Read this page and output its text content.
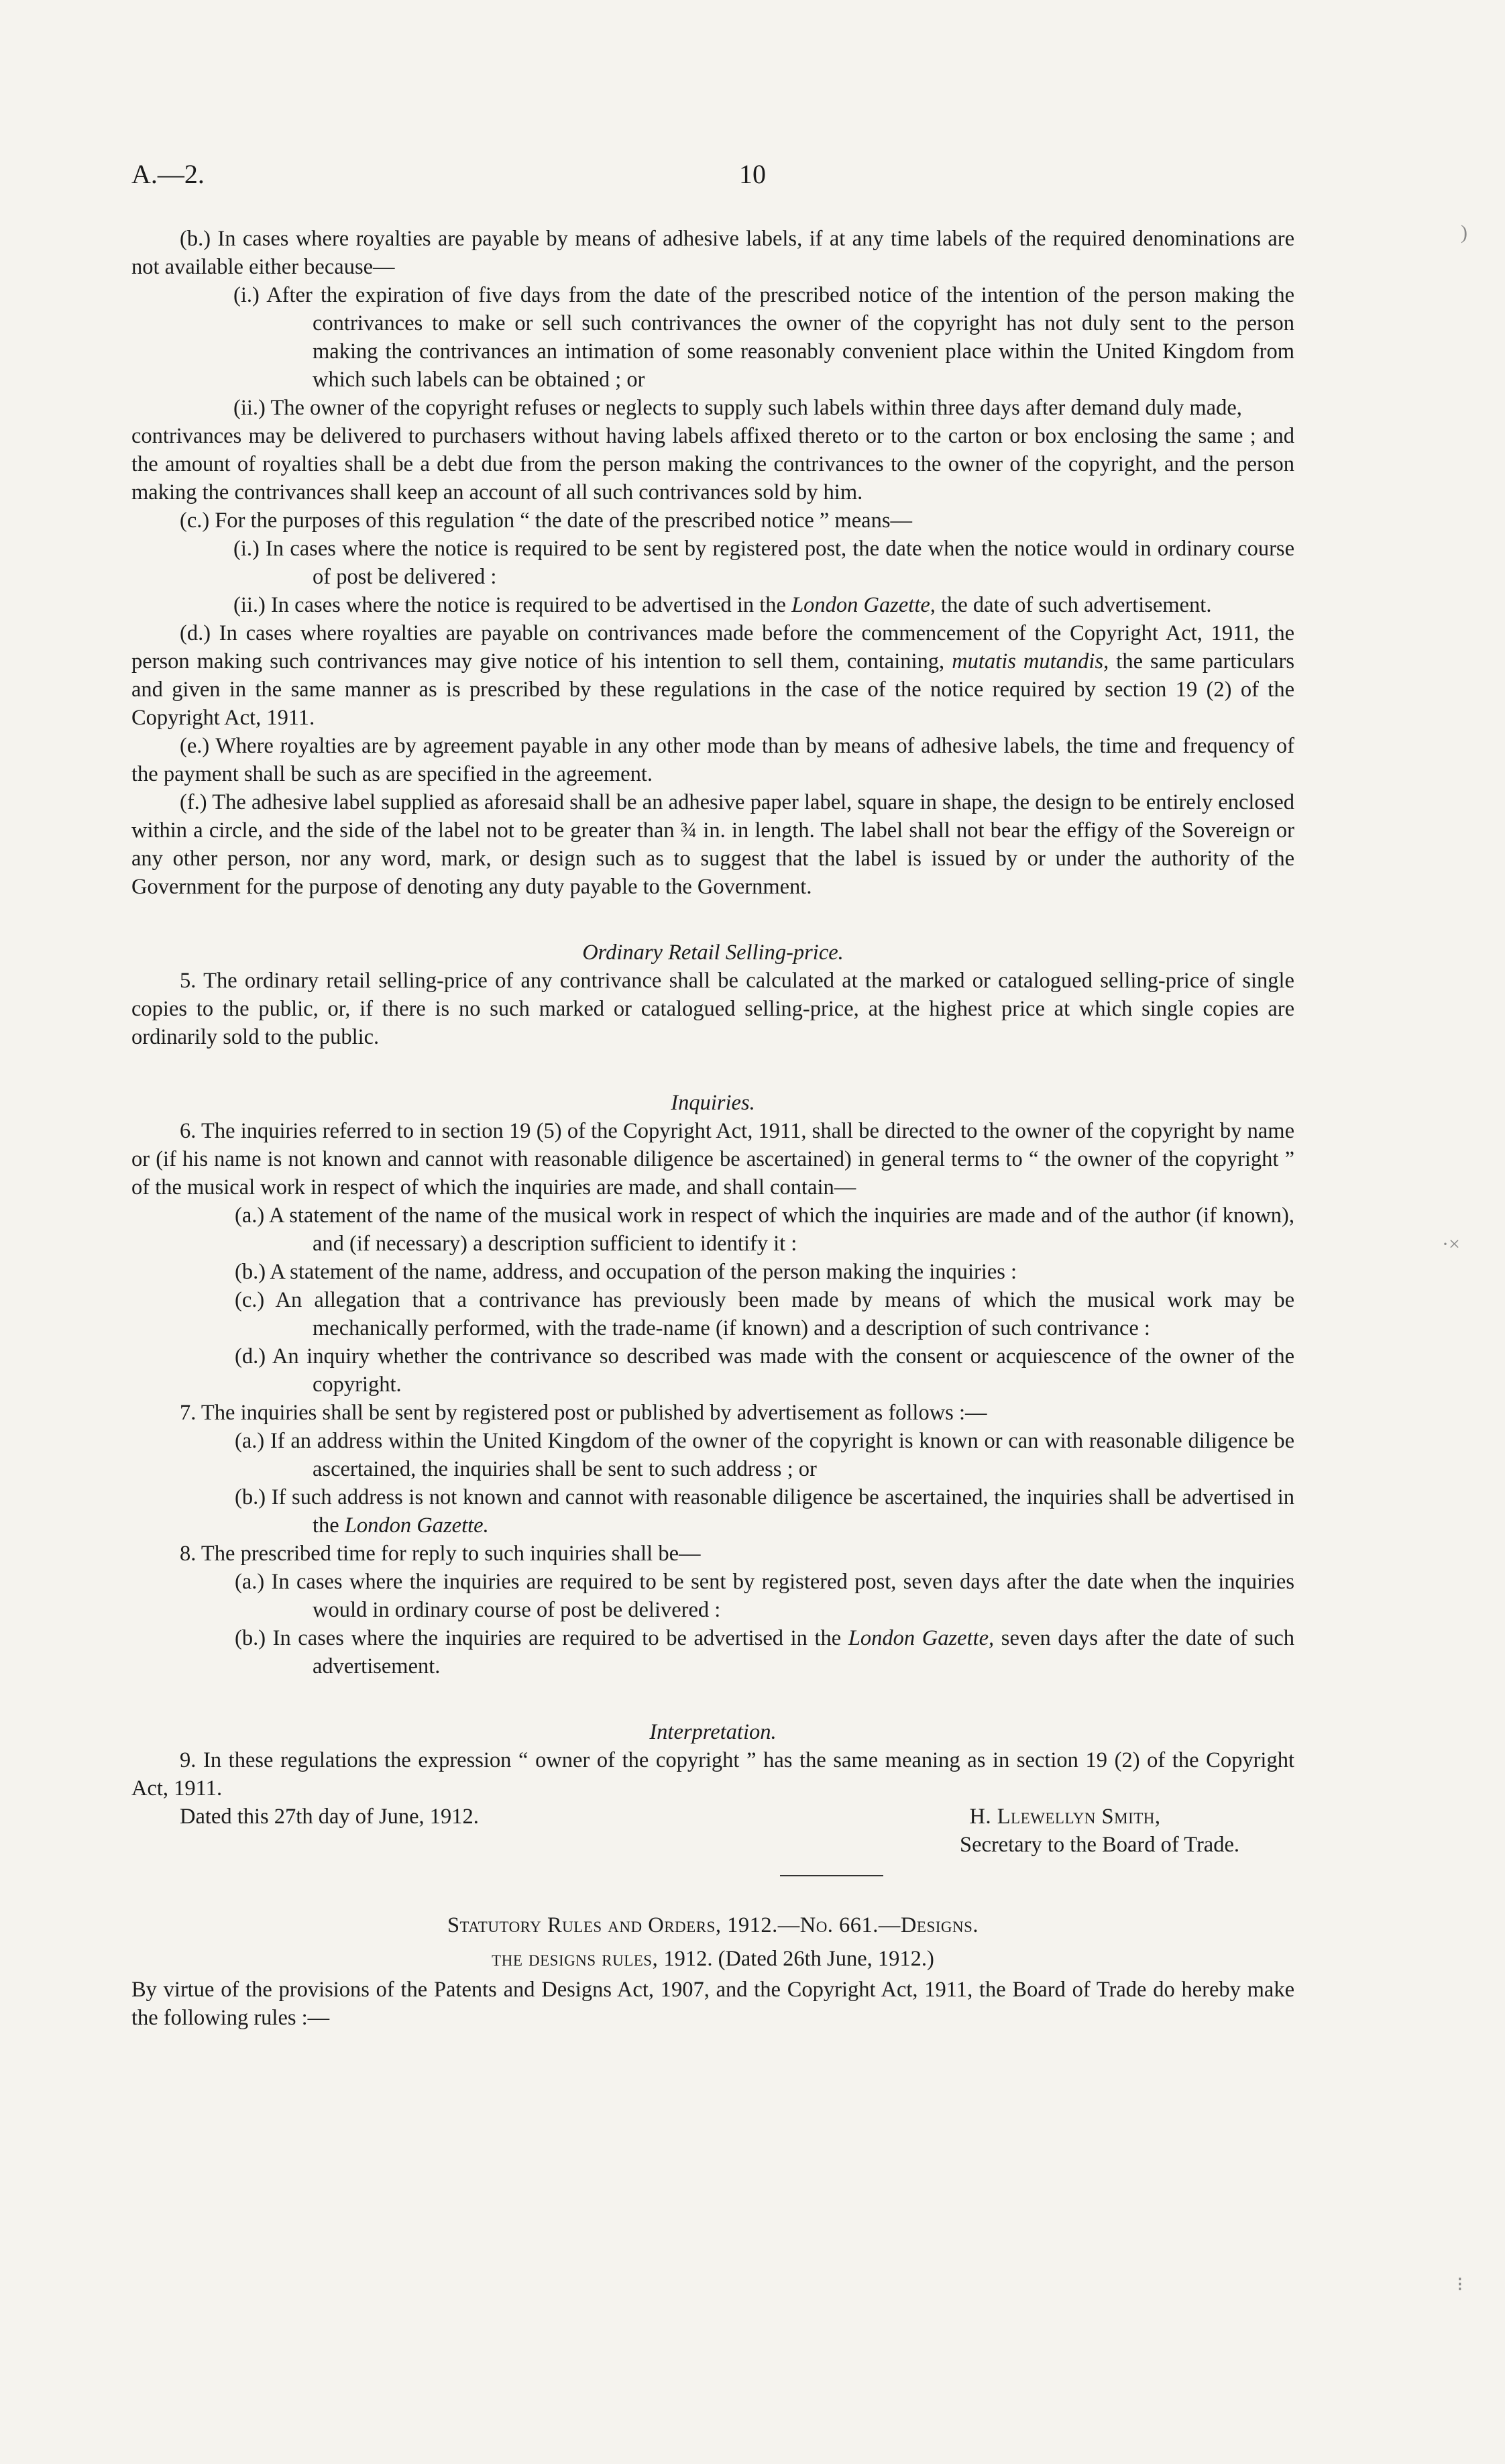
A.—2.	10
)

(b.) In cases where royalties are payable by means of adhesive labels, if at any time labels of the required denominations are not available either because—

(i.) After the expiration of five days from the date of the prescribed notice of the intention of the person making the contrivances to make or sell such contrivances the owner of the copyright has not duly sent to the person making the contrivances an intimation of some reasonably convenient place within the United Kingdom from which such labels can be obtained ; or

(ii.) The owner of the copyright refuses or neglects to supply such labels within three days after demand duly made,

contrivances may be delivered to purchasers without having labels affixed thereto or to the carton or box enclosing the same ; and the amount of royalties shall be a debt due from the person making the contrivances to the owner of the copyright, and the person making the contrivances shall keep an account of all such contrivances sold by him.

(c.) For the purposes of this regulation “ the date of the prescribed notice ” means—

(i.) In cases where the notice is required to be sent by registered post, the date when the notice would in ordinary course of post be delivered :

(ii.) In cases where the notice is required to be advertised in the London Gazette, the date of such advertisement.

(d.) In cases where royalties are payable on contrivances made before the commencement of the Copyright Act, 1911, the person making such contrivances may give notice of his intention to sell them, containing, mutatis mutandis, the same particulars and given in the same manner as is prescribed by these regulations in the case of the notice required by section 19 (2) of the Copyright Act, 1911.

(e.) Where royalties are by agreement payable in any other mode than by means of adhesive labels, the time and frequency of the payment shall be such as are specified in the agreement.

(f.) The adhesive label supplied as aforesaid shall be an adhesive paper label, square in shape, the design to be entirely enclosed within a circle, and the side of the label not to be greater than ¾ in. in length. The label shall not bear the effigy of the Sovereign or any other person, nor any word, mark, or design such as to suggest that the label is issued by or under the authority of the Government for the purpose of denoting any duty payable to the Government.

Ordinary Retail Selling-price.

5. The ordinary retail selling-price of any contrivance shall be calculated at the marked or catalogued selling-price of single copies to the public, or, if there is no such marked or catalogued selling-price, at the highest price at which single copies are ordinarily sold to the public.

Inquiries.

6. The inquiries referred to in section 19 (5) of the Copyright Act, 1911, shall be directed to the owner of the copyright by name or (if his name is not known and cannot with reasonable diligence be ascertained) in general terms to “ the owner of the copyright ” of the musical work in respect of which the inquiries are made, and shall contain—

(a.) A statement of the name of the musical work in respect of which the inquiries are made and of the author (if known), and (if necessary) a description sufficient to identify it :

(b.) A statement of the name, address, and occupation of the person making the inquiries :

(c.) An allegation that a contrivance has previously been made by means of which the musical work may be mechanically performed, with the trade-name (if known) and a description of such contrivance :

(d.) An inquiry whether the contrivance so described was made with the consent or acquiescence of the owner of the copyright.

7. The inquiries shall be sent by registered post or published by advertisement as follows :—

(a.) If an address within the United Kingdom of the owner of the copyright is known or can with reasonable diligence be ascertained, the inquiries shall be sent to such address ; or

(b.) If such address is not known and cannot with reasonable diligence be ascertained, the inquiries shall be advertised in the London Gazette.

8. The prescribed time for reply to such inquiries shall be—

(a.) In cases where the inquiries are required to be sent by registered post, seven days after the date when the inquiries would in ordinary course of post be delivered :

(b.) In cases where the inquiries are required to be advertised in the London Gazette, seven days after the date of such advertisement.

Interpretation.

9. In these regulations the expression “ owner of the copyright ” has the same meaning as in section 19 (2) of the Copyright Act, 1911.

Dated this 27th day of June, 1912.	H. Llewellyn Smith,

Secretary to the Board of Trade.

Statutory Rules and Orders, 1912.—No. 661.—Designs.

the designs rules, 1912. (Dated 26th June, 1912.)

By virtue of the provisions of the Patents and Designs Act, 1907, and the Copyright Act, 1911, the Board of Trade do hereby make the following rules :—

·×
⁝
